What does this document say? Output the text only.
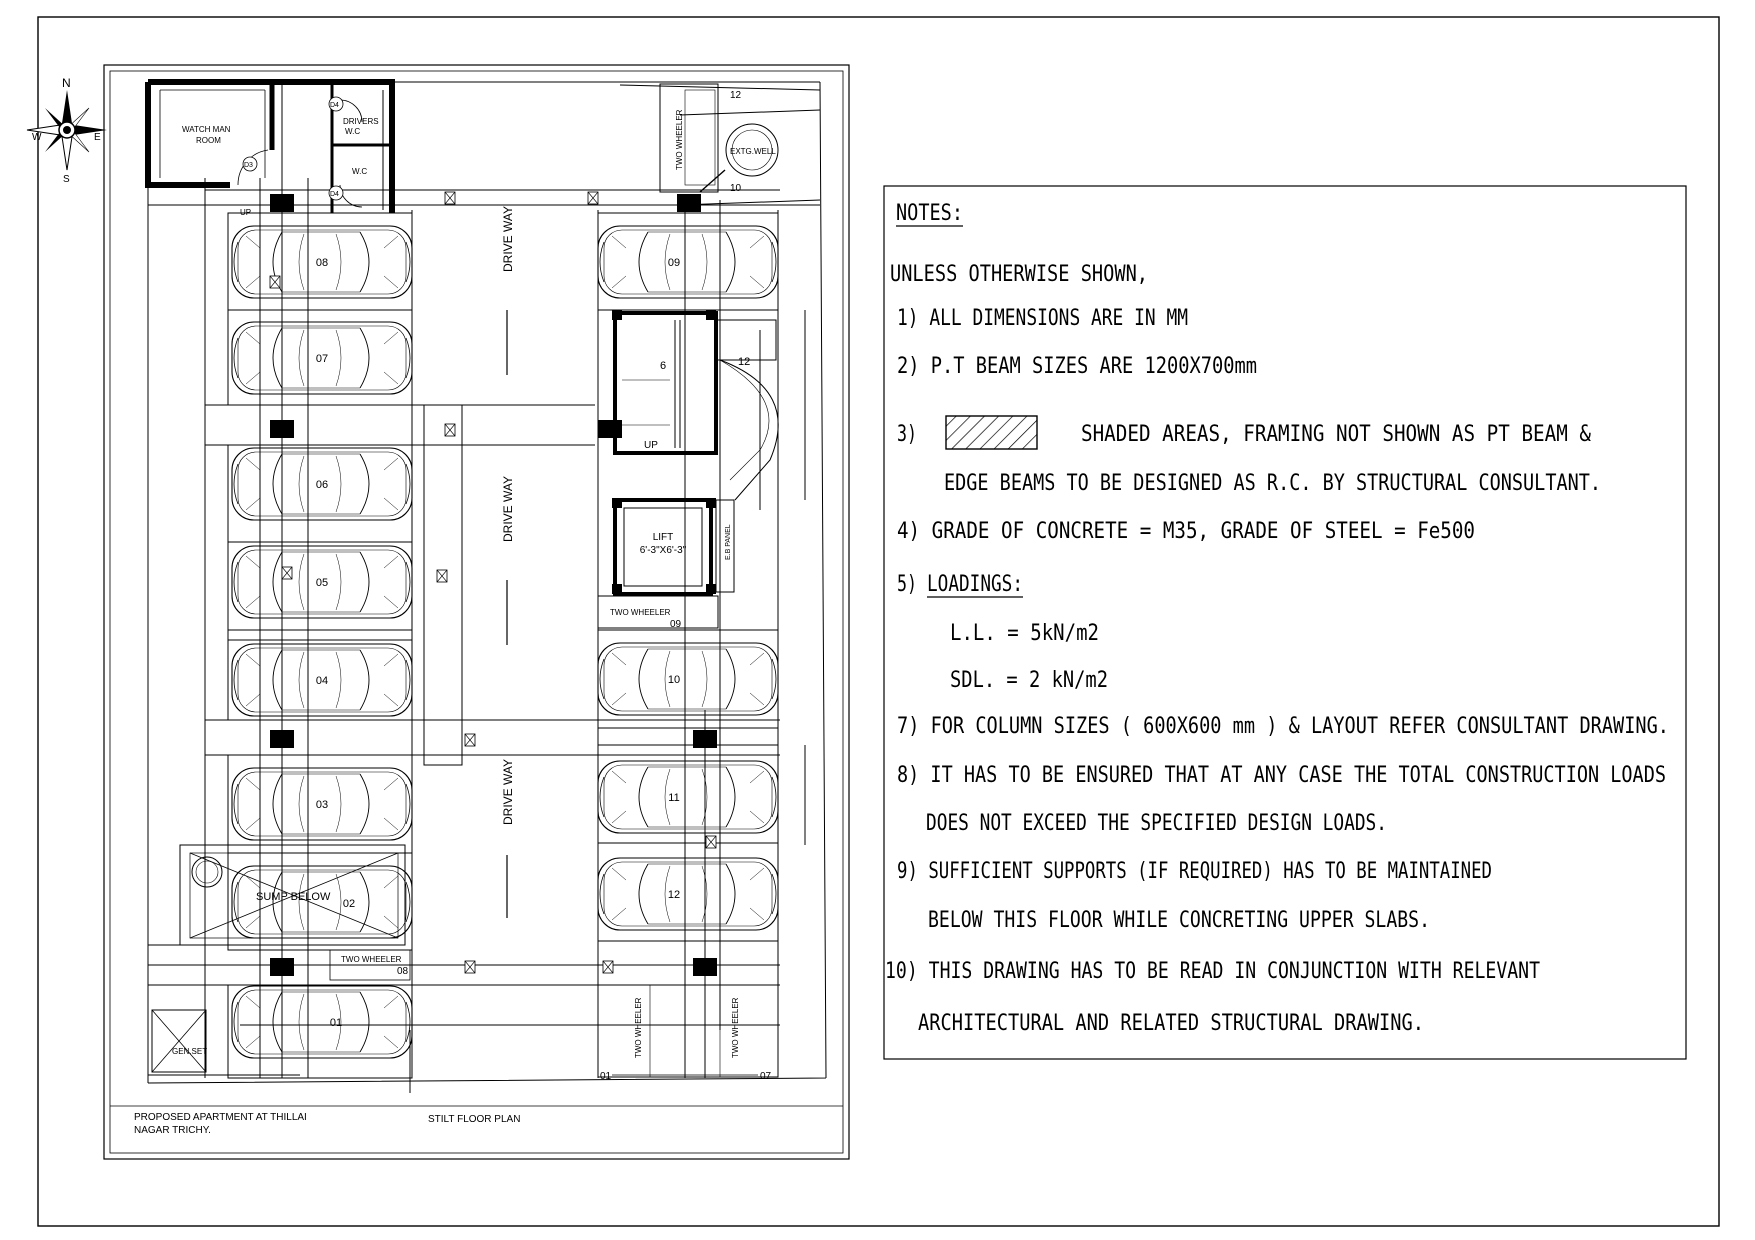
N
S
E
W
WATCH MAN
ROOM
DRIVERS
W.C
W.C
D3
D4
D4
UP
TWO WHEELER
12
10
EXTG.WELL
08
07
06
05
04
03
02
01
09
10
11
12
DRIVE WAY
DRIVE WAY
DRIVE WAY
6
UP
12
LIFT
6'-3"X6'-3"	E.B PANEL
TWO WHEELER
09
SUMP BELOW
GEN.SET
TWO WHEELER
08
TWO WHEELER	TWO WHEELER
01	07
PROPOSED APARTMENT AT THILLAI
NAGAR TRICHY.
STILT FLOOR PLAN
NOTES:
UNLESS OTHERWISE SHOWN,
1) ALL DIMENSIONS ARE IN MM
2) P.T BEAM SIZES ARE 1200X700mm
3)	SHADED AREAS, FRAMING NOT SHOWN AS PT BEAM &
EDGE BEAMS TO BE DESIGNED AS R.C. BY STRUCTURAL CONSULTANT.
4) GRADE OF CONCRETE = M35, GRADE OF STEEL = Fe500
5) LOADINGS:
L.L. = 5kN/m2
SDL. = 2 kN/m2
7) FOR COLUMN SIZES ( 600X600 mm ) & LAYOUT REFER CONSULTANT DRAWING.
8) IT HAS TO BE ENSURED THAT AT ANY CASE THE TOTAL CONSTRUCTION LOADS
DOES NOT EXCEED THE SPECIFIED DESIGN LOADS.
9) SUFFICIENT SUPPORTS (IF REQUIRED) HAS TO BE MAINTAINED
BELOW THIS FLOOR WHILE CONCRETING UPPER SLABS.
10) THIS DRAWING HAS TO BE READ IN CONJUNCTION WITH RELEVANT
ARCHITECTURAL AND RELATED STRUCTURAL DRAWING.
